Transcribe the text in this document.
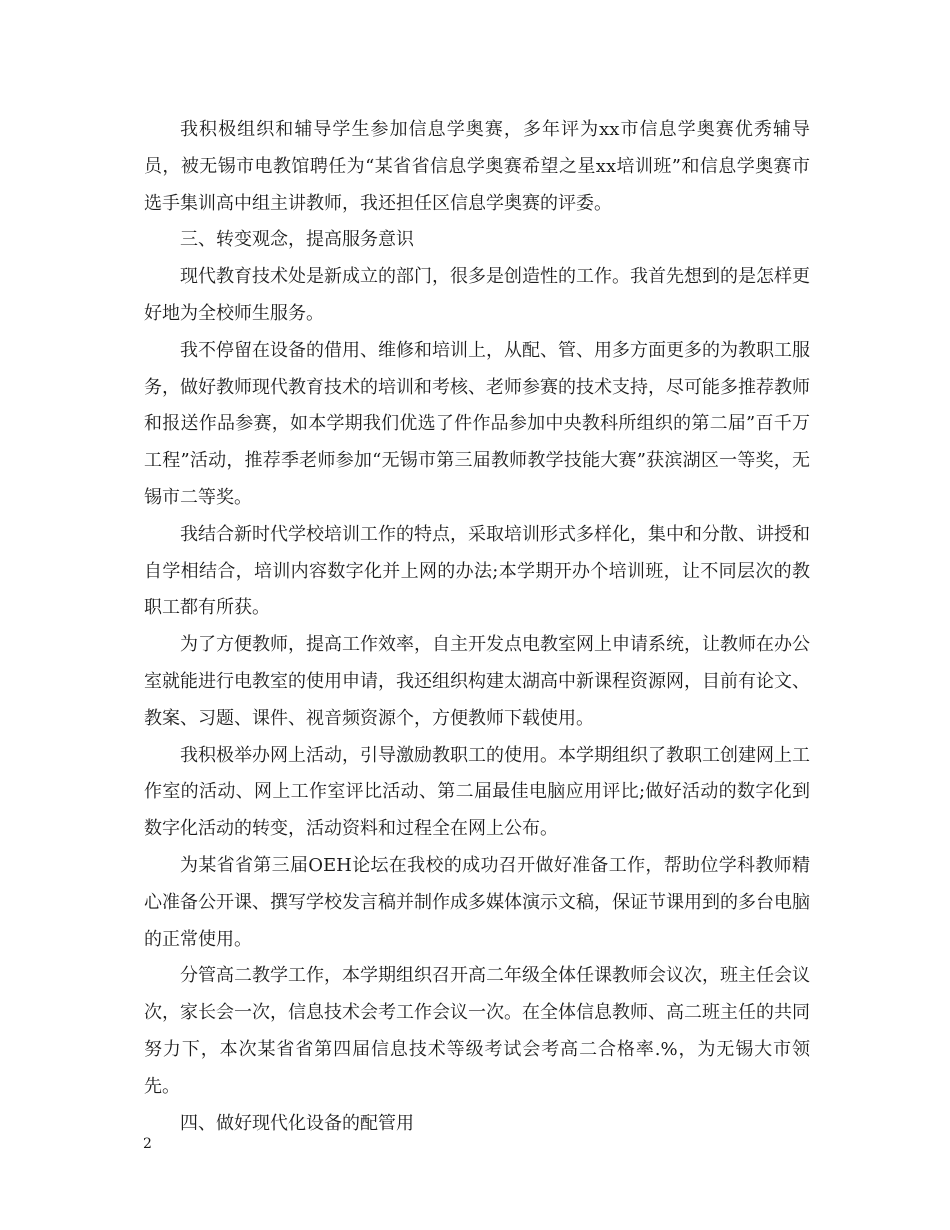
我积极组织和辅导学生参加信息学奥赛，多年评为xx市信息学奥赛优秀辅导员，被无锡市电教馆聘任为“某省省信息学奥赛希望之星xx培训班”和信息学奥赛市选手集训高中组主讲教师，我还担任区信息学奥赛的评委。

三、转变观念，提高服务意识

现代教育技术处是新成立的部门，很多是创造性的工作。我首先想到的是怎样更好地为全校师生服务。

我不停留在设备的借用、维修和培训上，从配、管、用多方面更多的为教职工服务，做好教师现代教育技术的培训和考核、老师参赛的技术支持，尽可能多推荐教师和报送作品参赛，如本学期我们优选了件作品参加中央教科所组织的第二届”百千万工程”活动，推荐季老师参加“无锡市第三届教师教学技能大赛”获滨湖区一等奖，无锡市二等奖。

我结合新时代学校培训工作的特点，采取培训形式多样化，集中和分散、讲授和自学相结合，培训内容数字化并上网的办法;本学期开办个培训班，让不同层次的教职工都有所获。

为了方便教师，提高工作效率，自主开发点电教室网上申请系统，让教师在办公室就能进行电教室的使用申请，我还组织构建太湖高中新课程资源网，目前有论文、教案、习题、课件、视音频资源个，方便教师下载使用。

我积极举办网上活动，引导激励教职工的使用。本学期组织了教职工创建网上工作室的活动、网上工作室评比活动、第二届最佳电脑应用评比;做好活动的数字化到数字化活动的转变，活动资料和过程全在网上公布。

为某省省第三届OEH论坛在我校的成功召开做好准备工作，帮助位学科教师精心准备公开课、撰写学校发言稿并制作成多媒体演示文稿，保证节课用到的多台电脑的正常使用。

分管高二教学工作，本学期组织召开高二年级全体任课教师会议次，班主任会议次，家长会一次，信息技术会考工作会议一次。在全体信息教师、高二班主任的共同努力下，本次某省省第四届信息技术等级考试会考高二合格率.%，为无锡大市领先。

四、做好现代化设备的配管用

2
